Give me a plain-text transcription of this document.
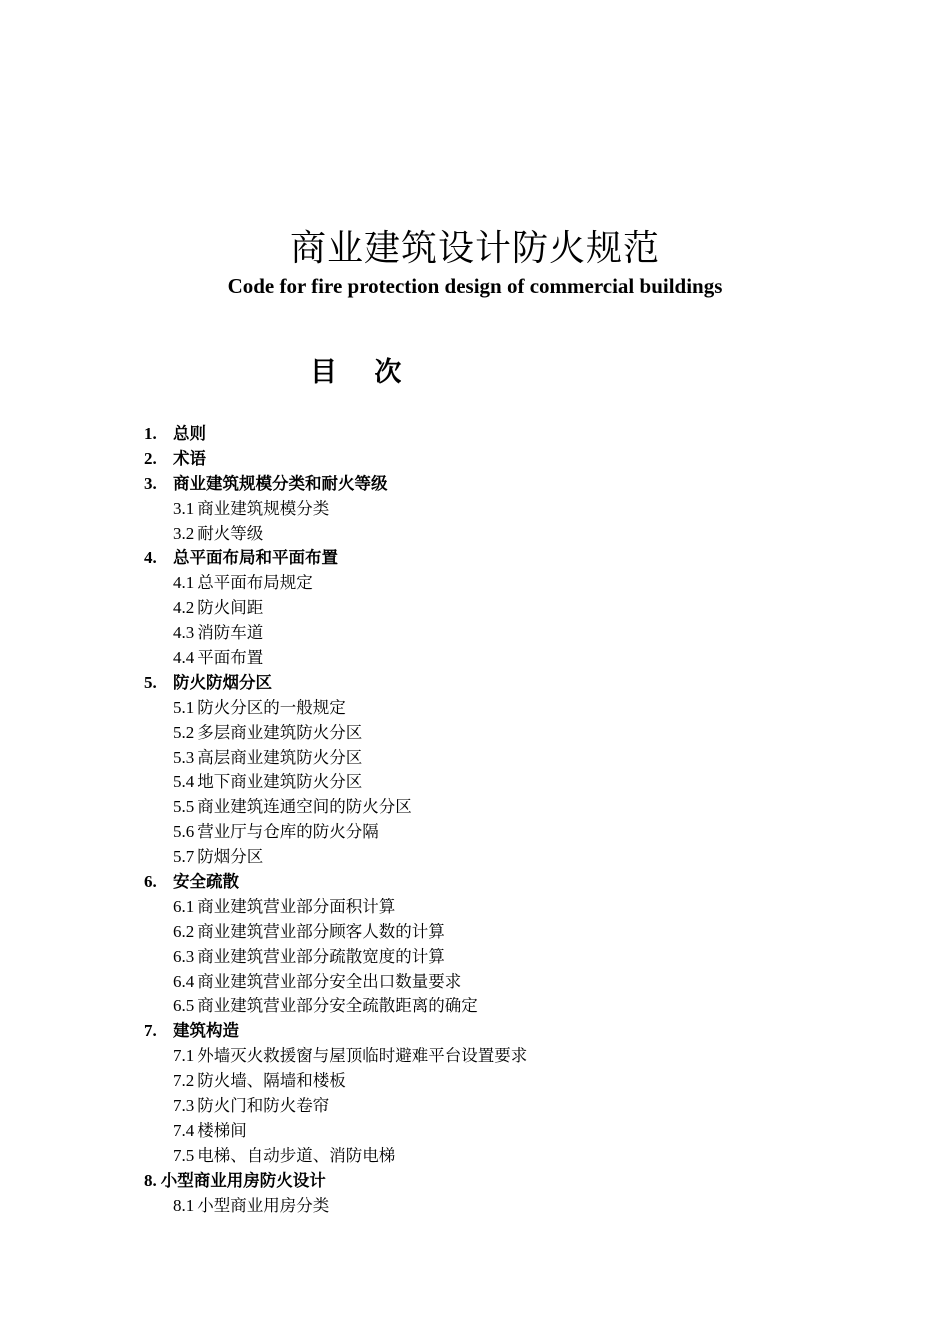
商业建筑设计防火规范
Code for fire protection design of commercial buildings
目 次
1. 总则
2. 术语
3. 商业建筑规模分类和耐火等级
3.1 商业建筑规模分类
3.2 耐火等级
4. 总平面布局和平面布置
4.1 总平面布局规定
4.2 防火间距
4.3 消防车道
4.4 平面布置
5. 防火防烟分区
5.1 防火分区的一般规定
5.2 多层商业建筑防火分区
5.3 高层商业建筑防火分区
5.4 地下商业建筑防火分区
5.5 商业建筑连通空间的防火分区
5.6 营业厅与仓库的防火分隔
5.7 防烟分区
6. 安全疏散
6.1 商业建筑营业部分面积计算
6.2 商业建筑营业部分顾客人数的计算
6.3 商业建筑营业部分疏散宽度的计算
6.4 商业建筑营业部分安全出口数量要求
6.5 商业建筑营业部分安全疏散距离的确定
7. 建筑构造
7.1 外墙灭火救援窗与屋顶临时避难平台设置要求
7.2 防火墙、隔墙和楼板
7.3 防火门和防火卷帘
7.4 楼梯间
7.5 电梯、自动步道、消防电梯
8. 小型商业用房防火设计
8.1 小型商业用房分类
